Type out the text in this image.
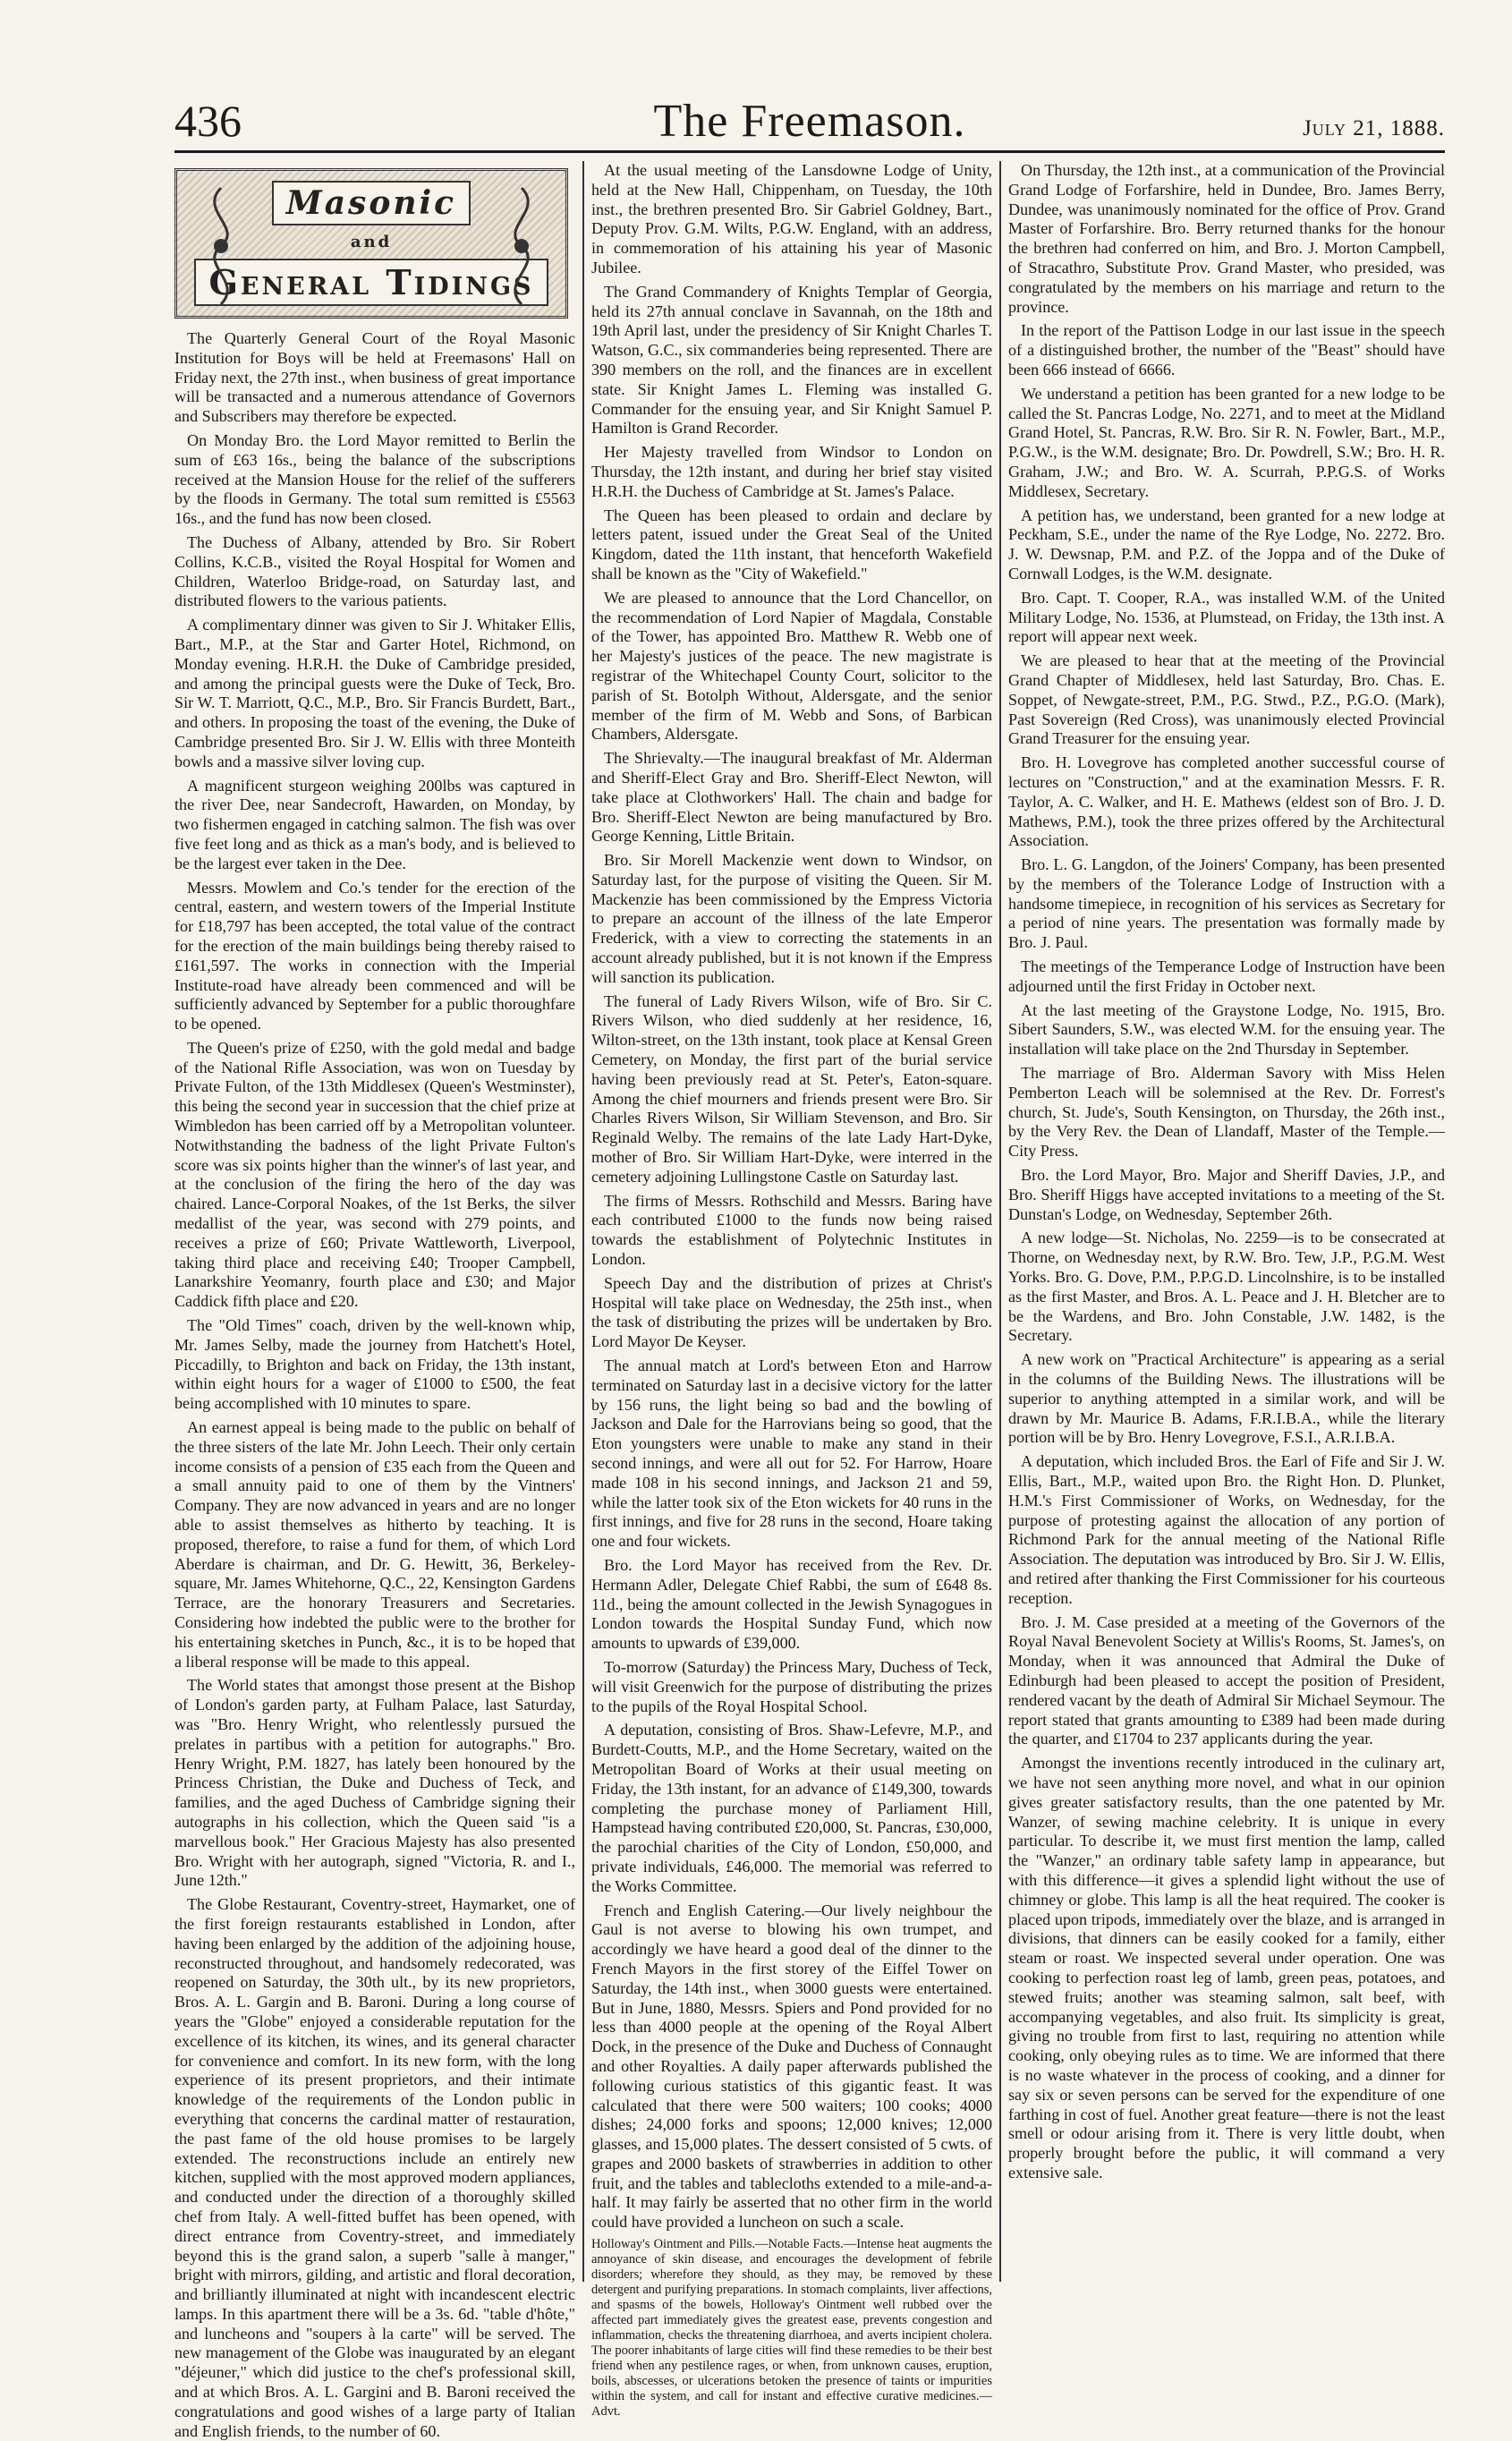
The Freemason.
436	July 21, 1888.
Masonic
and
General Tidings

The Quarterly General Court of the Royal Masonic Institution for Boys will be held at Freemasons' Hall on Friday next, the 27th inst., when business of great importance will be transacted and a numerous attendance of Governors and Subscribers may therefore be expected.

On Monday Bro. the Lord Mayor remitted to Berlin the sum of £63 16s., being the balance of the subscriptions received at the Mansion House for the relief of the sufferers by the floods in Germany. The total sum remitted is £5563 16s., and the fund has now been closed.

The Duchess of Albany, attended by Bro. Sir Robert Collins, K.C.B., visited the Royal Hospital for Women and Children, Waterloo Bridge-road, on Saturday last, and distributed flowers to the various patients.

A complimentary dinner was given to Sir J. Whitaker Ellis, Bart., M.P., at the Star and Garter Hotel, Richmond, on Monday evening. H.R.H. the Duke of Cambridge presided, and among the principal guests were the Duke of Teck, Bro. Sir W. T. Marriott, Q.C., M.P., Bro. Sir Francis Burdett, Bart., and others. In proposing the toast of the evening, the Duke of Cambridge presented Bro. Sir J. W. Ellis with three Monteith bowls and a massive silver loving cup.

A magnificent sturgeon weighing 200lbs was captured in the river Dee, near Sandecroft, Hawarden, on Monday, by two fishermen engaged in catching salmon. The fish was over five feet long and as thick as a man's body, and is believed to be the largest ever taken in the Dee.

Messrs. Mowlem and Co.'s tender for the erection of the central, eastern, and western towers of the Imperial Institute for £18,797 has been accepted, the total value of the contract for the erection of the main buildings being thereby raised to £161,597. The works in connection with the Imperial Institute-road have already been commenced and will be sufficiently advanced by September for a public thoroughfare to be opened.

The Queen's prize of £250, with the gold medal and badge of the National Rifle Association, was won on Tuesday by Private Fulton, of the 13th Middlesex (Queen's Westminster), this being the second year in succession that the chief prize at Wimbledon has been carried off by a Metropolitan volunteer. Notwithstanding the badness of the light Private Fulton's score was six points higher than the winner's of last year, and at the conclusion of the firing the hero of the day was chaired. Lance-Corporal Noakes, of the 1st Berks, the silver medallist of the year, was second with 279 points, and receives a prize of £60; Private Wattleworth, Liverpool, taking third place and receiving £40; Trooper Campbell, Lanarkshire Yeomanry, fourth place and £30; and Major Caddick fifth place and £20.

The "Old Times" coach, driven by the well-known whip, Mr. James Selby, made the journey from Hatchett's Hotel, Piccadilly, to Brighton and back on Friday, the 13th instant, within eight hours for a wager of £1000 to £500, the feat being accomplished with 10 minutes to spare.

An earnest appeal is being made to the public on behalf of the three sisters of the late Mr. John Leech. Their only certain income consists of a pension of £35 each from the Queen and a small annuity paid to one of them by the Vintners' Company. They are now advanced in years and are no longer able to assist themselves as hitherto by teaching. It is proposed, therefore, to raise a fund for them, of which Lord Aberdare is chairman, and Dr. G. Hewitt, 36, Berkeley-square, Mr. James Whitehorne, Q.C., 22, Kensington Gardens Terrace, are the honorary Treasurers and Secretaries. Considering how indebted the public were to the brother for his entertaining sketches in Punch, &c., it is to be hoped that a liberal response will be made to this appeal.

The World states that amongst those present at the Bishop of London's garden party, at Fulham Palace, last Saturday, was "Bro. Henry Wright, who relentlessly pursued the prelates in partibus with a petition for autographs." Bro. Henry Wright, P.M. 1827, has lately been honoured by the Princess Christian, the Duke and Duchess of Teck, and families, and the aged Duchess of Cambridge signing their autographs in his collection, which the Queen said "is a marvellous book." Her Gracious Majesty has also presented Bro. Wright with her autograph, signed "Victoria, R. and I., June 12th."

The Globe Restaurant, Coventry-street, Haymarket, one of the first foreign restaurants established in London, after having been enlarged by the addition of the adjoining house, reconstructed throughout, and handsomely redecorated, was reopened on Saturday, the 30th ult., by its new proprietors, Bros. A. L. Gargin and B. Baroni. During a long course of years the "Globe" enjoyed a considerable reputation for the excellence of its kitchen, its wines, and its general character for convenience and comfort. In its new form, with the long experience of its present proprietors, and their intimate knowledge of the requirements of the London public in everything that concerns the cardinal matter of restauration, the past fame of the old house promises to be largely extended. The reconstructions include an entirely new kitchen, supplied with the most approved modern appliances, and conducted under the direction of a thoroughly skilled chef from Italy. A well-fitted buffet has been opened, with direct entrance from Coventry-street, and immediately beyond this is the grand salon, a superb "salle à manger," bright with mirrors, gilding, and artistic and floral decoration, and brilliantly illuminated at night with incandescent electric lamps. In this apartment there will be a 3s. 6d. "table d'hôte," and luncheons and "soupers à la carte" will be served. The new management of the Globe was inaugurated by an elegant "déjeuner," which did justice to the chef's professional skill, and at which Bros. A. L. Gargini and B. Baroni received the congratulations and good wishes of a large party of Italian and English friends, to the number of 60.

At the usual meeting of the Lansdowne Lodge of Unity, held at the New Hall, Chippenham, on Tuesday, the 10th inst., the brethren presented Bro. Sir Gabriel Goldney, Bart., Deputy Prov. G.M. Wilts, P.G.W. England, with an address, in commemoration of his attaining his year of Masonic Jubilee.

The Grand Commandery of Knights Templar of Georgia, held its 27th annual conclave in Savannah, on the 18th and 19th April last, under the presidency of Sir Knight Charles T. Watson, G.C., six commanderies being represented. There are 390 members on the roll, and the finances are in excellent state. Sir Knight James L. Fleming was installed G. Commander for the ensuing year, and Sir Knight Samuel P. Hamilton is Grand Recorder.

Her Majesty travelled from Windsor to London on Thursday, the 12th instant, and during her brief stay visited H.R.H. the Duchess of Cambridge at St. James's Palace.

The Queen has been pleased to ordain and declare by letters patent, issued under the Great Seal of the United Kingdom, dated the 11th instant, that henceforth Wakefield shall be known as the "City of Wakefield."

We are pleased to announce that the Lord Chancellor, on the recommendation of Lord Napier of Magdala, Constable of the Tower, has appointed Bro. Matthew R. Webb one of her Majesty's justices of the peace. The new magistrate is registrar of the Whitechapel County Court, solicitor to the parish of St. Botolph Without, Aldersgate, and the senior member of the firm of M. Webb and Sons, of Barbican Chambers, Aldersgate.

The Shrievalty.—The inaugural breakfast of Mr. Alderman and Sheriff-Elect Gray and Bro. Sheriff-Elect Newton, will take place at Clothworkers' Hall. The chain and badge for Bro. Sheriff-Elect Newton are being manufactured by Bro. George Kenning, Little Britain.

Bro. Sir Morell Mackenzie went down to Windsor, on Saturday last, for the purpose of visiting the Queen. Sir M. Mackenzie has been commissioned by the Empress Victoria to prepare an account of the illness of the late Emperor Frederick, with a view to correcting the statements in an account already published, but it is not known if the Empress will sanction its publication.

The funeral of Lady Rivers Wilson, wife of Bro. Sir C. Rivers Wilson, who died suddenly at her residence, 16, Wilton-street, on the 13th instant, took place at Kensal Green Cemetery, on Monday, the first part of the burial service having been previously read at St. Peter's, Eaton-square. Among the chief mourners and friends present were Bro. Sir Charles Rivers Wilson, Sir William Stevenson, and Bro. Sir Reginald Welby. The remains of the late Lady Hart-Dyke, mother of Bro. Sir William Hart-Dyke, were interred in the cemetery adjoining Lullingstone Castle on Saturday last.

The firms of Messrs. Rothschild and Messrs. Baring have each contributed £1000 to the funds now being raised towards the establishment of Polytechnic Institutes in London.

Speech Day and the distribution of prizes at Christ's Hospital will take place on Wednesday, the 25th inst., when the task of distributing the prizes will be undertaken by Bro. Lord Mayor De Keyser.

The annual match at Lord's between Eton and Harrow terminated on Saturday last in a decisive victory for the latter by 156 runs, the light being so bad and the bowling of Jackson and Dale for the Harrovians being so good, that the Eton youngsters were unable to make any stand in their second innings, and were all out for 52. For Harrow, Hoare made 108 in his second innings, and Jackson 21 and 59, while the latter took six of the Eton wickets for 40 runs in the first innings, and five for 28 runs in the second, Hoare taking one and four wickets.

Bro. the Lord Mayor has received from the Rev. Dr. Hermann Adler, Delegate Chief Rabbi, the sum of £648 8s. 11d., being the amount collected in the Jewish Synagogues in London towards the Hospital Sunday Fund, which now amounts to upwards of £39,000.

To-morrow (Saturday) the Princess Mary, Duchess of Teck, will visit Greenwich for the purpose of distributing the prizes to the pupils of the Royal Hospital School.

A deputation, consisting of Bros. Shaw-Lefevre, M.P., and Burdett-Coutts, M.P., and the Home Secretary, waited on the Metropolitan Board of Works at their usual meeting on Friday, the 13th instant, for an advance of £149,300, towards completing the purchase money of Parliament Hill, Hampstead having contributed £20,000, St. Pancras, £30,000, the parochial charities of the City of London, £50,000, and private individuals, £46,000. The memorial was referred to the Works Committee.

French and English Catering.—Our lively neighbour the Gaul is not averse to blowing his own trumpet, and accordingly we have heard a good deal of the dinner to the French Mayors in the first storey of the Eiffel Tower on Saturday, the 14th inst., when 3000 guests were entertained. But in June, 1880, Messrs. Spiers and Pond provided for no less than 4000 people at the opening of the Royal Albert Dock, in the presence of the Duke and Duchess of Connaught and other Royalties. A daily paper afterwards published the following curious statistics of this gigantic feast. It was calculated that there were 500 waiters; 100 cooks; 4000 dishes; 24,000 forks and spoons; 12,000 knives; 12,000 glasses, and 15,000 plates. The dessert consisted of 5 cwts. of grapes and 2000 baskets of strawberries in addition to other fruit, and the tables and tablecloths extended to a mile-and-a-half. It may fairly be asserted that no other firm in the world could have provided a luncheon on such a scale.

Holloway's Ointment and Pills.—Notable Facts.—Intense heat augments the annoyance of skin disease, and encourages the development of febrile disorders; wherefore they should, as they may, be removed by these detergent and purifying preparations. In stomach complaints, liver affections, and spasms of the bowels, Holloway's Ointment well rubbed over the affected part immediately gives the greatest ease, prevents congestion and inflammation, checks the threatening diarrhoea, and averts incipient cholera. The poorer inhabitants of large cities will find these remedies to be their best friend when any pestilence rages, or when, from unknown causes, eruption, boils, abscesses, or ulcerations betoken the presence of taints or impurities within the system, and call for instant and effective curative medicines.—Advt.

On Thursday, the 12th inst., at a communication of the Provincial Grand Lodge of Forfarshire, held in Dundee, Bro. James Berry, Dundee, was unanimously nominated for the office of Prov. Grand Master of Forfarshire. Bro. Berry returned thanks for the honour the brethren had conferred on him, and Bro. J. Morton Campbell, of Stracathro, Substitute Prov. Grand Master, who presided, was congratulated by the members on his marriage and return to the province.

In the report of the Pattison Lodge in our last issue in the speech of a distinguished brother, the number of the "Beast" should have been 666 instead of 6666.

We understand a petition has been granted for a new lodge to be called the St. Pancras Lodge, No. 2271, and to meet at the Midland Grand Hotel, St. Pancras, R.W. Bro. Sir R. N. Fowler, Bart., M.P., P.G.W., is the W.M. designate; Bro. Dr. Powdrell, S.W.; Bro. H. R. Graham, J.W.; and Bro. W. A. Scurrah, P.P.G.S. of Works Middlesex, Secretary.

A petition has, we understand, been granted for a new lodge at Peckham, S.E., under the name of the Rye Lodge, No. 2272. Bro. J. W. Dewsnap, P.M. and P.Z. of the Joppa and of the Duke of Cornwall Lodges, is the W.M. designate.

Bro. Capt. T. Cooper, R.A., was installed W.M. of the United Military Lodge, No. 1536, at Plumstead, on Friday, the 13th inst. A report will appear next week.

We are pleased to hear that at the meeting of the Provincial Grand Chapter of Middlesex, held last Saturday, Bro. Chas. E. Soppet, of Newgate-street, P.M., P.G. Stwd., P.Z., P.G.O. (Mark), Past Sovereign (Red Cross), was unanimously elected Provincial Grand Treasurer for the ensuing year.

Bro. H. Lovegrove has completed another successful course of lectures on "Construction," and at the examination Messrs. F. R. Taylor, A. C. Walker, and H. E. Mathews (eldest son of Bro. J. D. Mathews, P.M.), took the three prizes offered by the Architectural Association.

Bro. L. G. Langdon, of the Joiners' Company, has been presented by the members of the Tolerance Lodge of Instruction with a handsome timepiece, in recognition of his services as Secretary for a period of nine years. The presentation was formally made by Bro. J. Paul.

The meetings of the Temperance Lodge of Instruction have been adjourned until the first Friday in October next.

At the last meeting of the Graystone Lodge, No. 1915, Bro. Sibert Saunders, S.W., was elected W.M. for the ensuing year. The installation will take place on the 2nd Thursday in September.

The marriage of Bro. Alderman Savory with Miss Helen Pemberton Leach will be solemnised at the Rev. Dr. Forrest's church, St. Jude's, South Kensington, on Thursday, the 26th inst., by the Very Rev. the Dean of Llandaff, Master of the Temple.—City Press.

Bro. the Lord Mayor, Bro. Major and Sheriff Davies, J.P., and Bro. Sheriff Higgs have accepted invitations to a meeting of the St. Dunstan's Lodge, on Wednesday, September 26th.

A new lodge—St. Nicholas, No. 2259—is to be consecrated at Thorne, on Wednesday next, by R.W. Bro. Tew, J.P., P.G.M. West Yorks. Bro. G. Dove, P.M., P.P.G.D. Lincolnshire, is to be installed as the first Master, and Bros. A. L. Peace and J. H. Bletcher are to be the Wardens, and Bro. John Constable, J.W. 1482, is the Secretary.

A new work on "Practical Architecture" is appearing as a serial in the columns of the Building News. The illustrations will be superior to anything attempted in a similar work, and will be drawn by Mr. Maurice B. Adams, F.R.I.B.A., while the literary portion will be by Bro. Henry Lovegrove, F.S.I., A.R.I.B.A.

A deputation, which included Bros. the Earl of Fife and Sir J. W. Ellis, Bart., M.P., waited upon Bro. the Right Hon. D. Plunket, H.M.'s First Commissioner of Works, on Wednesday, for the purpose of protesting against the allocation of any portion of Richmond Park for the annual meeting of the National Rifle Association. The deputation was introduced by Bro. Sir J. W. Ellis, and retired after thanking the First Commissioner for his courteous reception.

Bro. J. M. Case presided at a meeting of the Governors of the Royal Naval Benevolent Society at Willis's Rooms, St. James's, on Monday, when it was announced that Admiral the Duke of Edinburgh had been pleased to accept the position of President, rendered vacant by the death of Admiral Sir Michael Seymour. The report stated that grants amounting to £389 had been made during the quarter, and £1704 to 237 applicants during the year.

Amongst the inventions recently introduced in the culinary art, we have not seen anything more novel, and what in our opinion gives greater satisfactory results, than the one patented by Mr. Wanzer, of sewing machine celebrity. It is unique in every particular. To describe it, we must first mention the lamp, called the "Wanzer," an ordinary table safety lamp in appearance, but with this difference—it gives a splendid light without the use of chimney or globe. This lamp is all the heat required. The cooker is placed upon tripods, immediately over the blaze, and is arranged in divisions, that dinners can be easily cooked for a family, either steam or roast. We inspected several under operation. One was cooking to perfection roast leg of lamb, green peas, potatoes, and stewed fruits; another was steaming salmon, salt beef, with accompanying vegetables, and also fruit. Its simplicity is great, giving no trouble from first to last, requiring no attention while cooking, only obeying rules as to time. We are informed that there is no waste whatever in the process of cooking, and a dinner for say six or seven persons can be served for the expenditure of one farthing in cost of fuel. Another great feature—there is not the least smell or odour arising from it. There is very little doubt, when properly brought before the public, it will command a very extensive sale.
